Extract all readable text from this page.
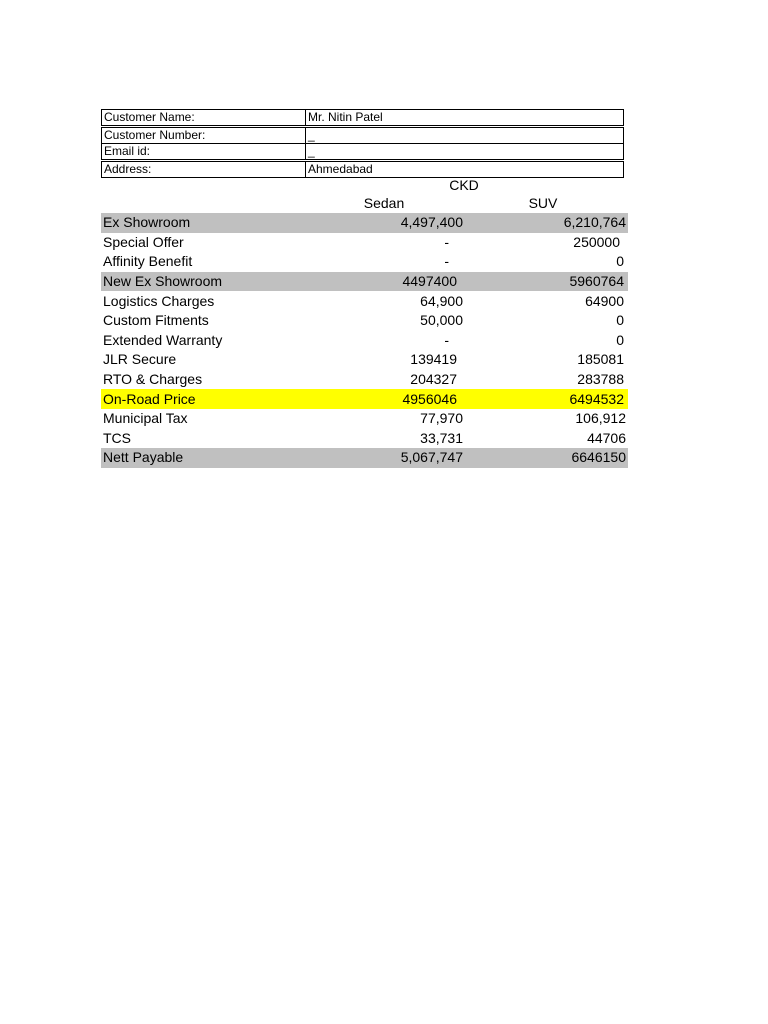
Customer Name:	Mr. Nitin Patel

Customer Number:	_
Email id:	_

Address:	Ahmedabad
CKD
Sedan	SUV
Ex Showroom	4,497,400	6,210,764
Special Offer	-	250000
Affinity Benefit	-	0
New Ex Showroom	4497400	5960764
Logistics Charges	64,900	64900
Custom Fitments	50,000	0
Extended Warranty	-	0
JLR Secure	139419	185081
RTO & Charges	204327	283788
On-Road Price	4956046	6494532
Municipal Tax	77,970	106,912
TCS	33,731	44706
Nett Payable	5,067,747	6646150
